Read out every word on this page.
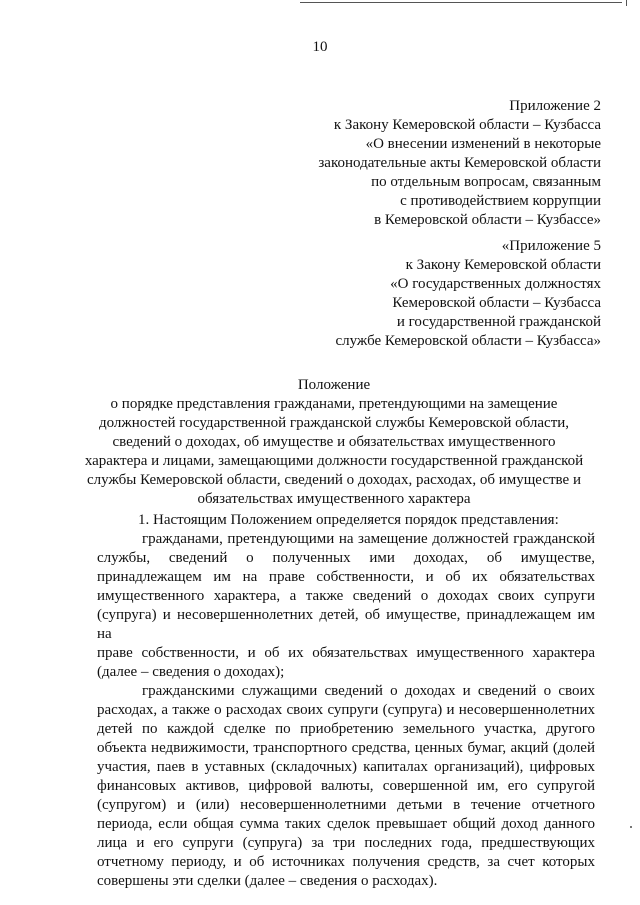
10
Приложение 2
к Закону Кемеровской области – Кузбасса
«О внесении изменений в некоторые
законодательные акты Кемеровской области
по отдельным вопросам, связанным
с противодействием коррупции
в Кемеровской области – Кузбассе»
«Приложение 5
к Закону Кемеровской области
«О государственных должностях
Кемеровской области – Кузбасса
и государственной гражданской
службе Кемеровской области – Кузбасса»
Положение
о порядке представления гражданами, претендующими на замещение
должностей государственной гражданской службы Кемеровской области,
сведений о доходах, об имуществе и обязательствах имущественного
характера и лицами, замещающими должности государственной гражданской
службы Кемеровской области, сведений о доходах, расходах, об имуществе и
обязательствах имущественного характера
1. Настоящим Положением определяется порядок представления:
гражданами, претендующими на замещение должностей гражданской
службы, сведений о полученных ими доходах, об имуществе,
принадлежащем им на праве собственности, и об их обязательствах
имущественного характера, а также сведений о доходах своих супруги
(супруга) и несовершеннолетних детей, об имуществе, принадлежащем им на
праве собственности, и об их обязательствах имущественного характера
(далее – сведения о доходах);
гражданскими служащими сведений о доходах и сведений о своих
расходах, а также о расходах своих супруги (супруга) и несовершеннолетних
детей по каждой сделке по приобретению земельного участка, другого
объекта недвижимости, транспортного средства, ценных бумаг, акций (долей
участия, паев в уставных (складочных) капиталах организаций), цифровых
финансовых активов, цифровой валюты, совершенной им, его супругой
(супругом) и (или) несовершеннолетними детьми в течение отчетного
периода, если общая сумма таких сделок превышает общий доход данного
лица и его супруги (супруга) за три последних года, предшествующих
отчетному периоду, и об источниках получения средств, за счет которых
совершены эти сделки (далее – сведения о расходах).
